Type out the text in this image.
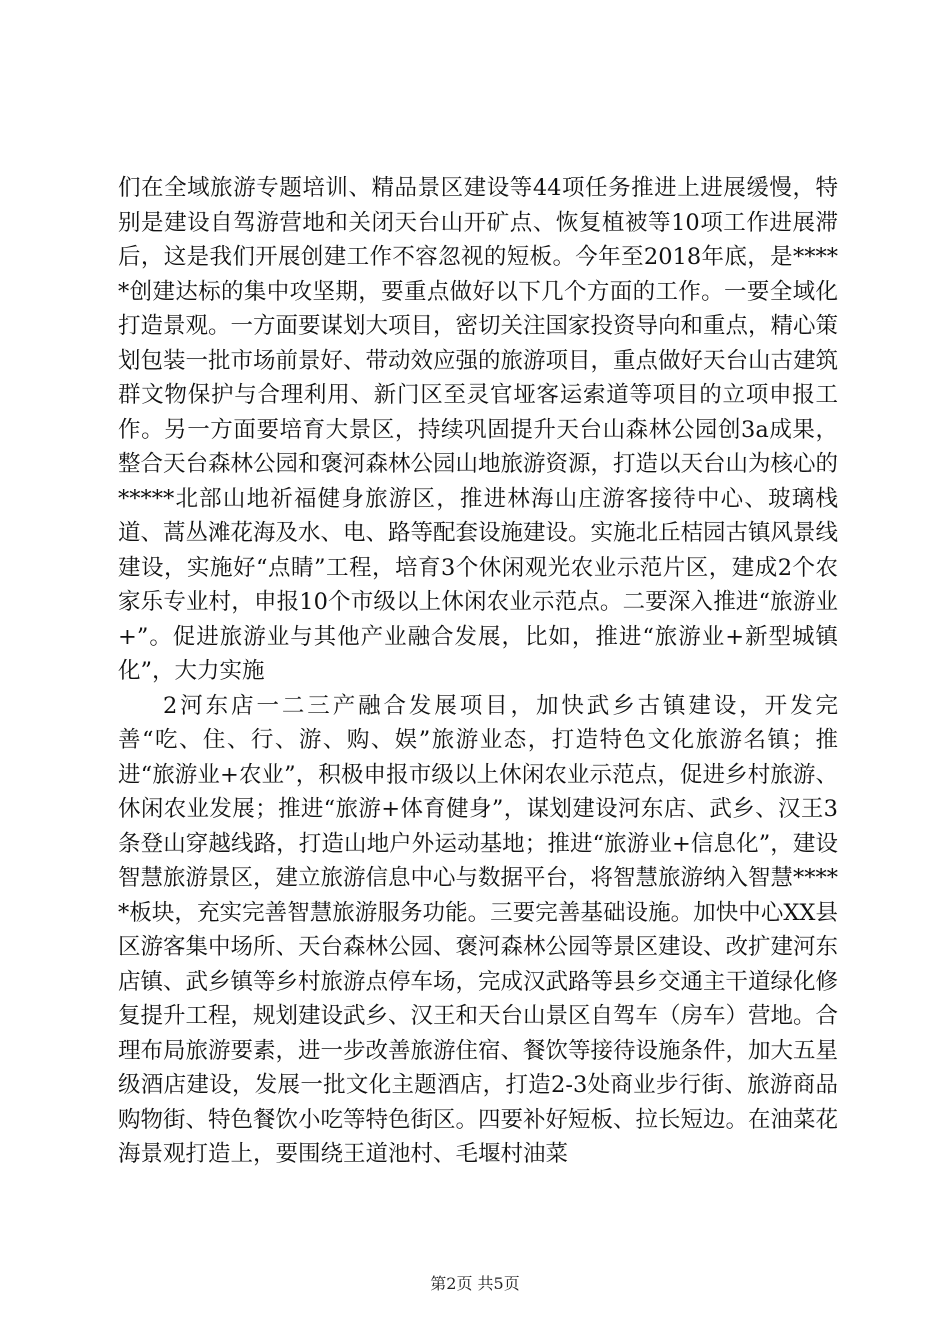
们在全域旅游专题培训、精品景区建设等44项任务推进上进展缓慢，特别是建设自驾游营地和关闭天台山开矿点、恢复植被等10项工作进展滞后，这是我们开展创建工作不容忽视的短板。今年至2018年底，是*****创建达标的集中攻坚期，要重点做好以下几个方面的工作。一要全域化打造景观。一方面要谋划大项目，密切关注国家投资导向和重点，精心策划包装一批市场前景好、带动效应强的旅游项目，重点做好天台山古建筑群文物保护与合理利用、新门区至灵官垭客运索道等项目的立项申报工作。另一方面要培育大景区，持续巩固提升天台山森林公园创3a成果，整合天台森林公园和褒河森林公园山地旅游资源，打造以天台山为核心的*****北部山地祈福健身旅游区，推进林海山庄游客接待中心、玻璃栈道、蒿丛滩花海及水、电、路等配套设施建设。实施北丘桔园古镇风景线建设，实施好“点睛”工程，培育3个休闲观光农业示范片区，建成2个农家乐专业村，申报10个市级以上休闲农业示范点。二要深入推进“旅游业+”。促进旅游业与其他产业融合发展，比如，推进“旅游业+新型城镇化”，大力实施

2河东店一二三产融合发展项目，加快武乡古镇建设，开发完善“吃、住、行、游、购、娱”旅游业态，打造特色文化旅游名镇；推进“旅游业+农业”，积极申报市级以上休闲农业示范点，促进乡村旅游、休闲农业发展；推进“旅游+体育健身”，谋划建设河东店、武乡、汉王3条登山穿越线路，打造山地户外运动基地；推进“旅游业+信息化”，建设智慧旅游景区，建立旅游信息中心与数据平台，将智慧旅游纳入智慧*****板块，充实完善智慧旅游服务功能。三要完善基础设施。加快中心XX县区游客集中场所、天台森林公园、褒河森林公园等景区建设、改扩建河东店镇、武乡镇等乡村旅游点停车场，完成汉武路等县乡交通主干道绿化修复提升工程，规划建设武乡、汉王和天台山景区自驾车（房车）营地。合理布局旅游要素，进一步改善旅游住宿、餐饮等接待设施条件，加大五星级酒店建设，发展一批文化主题酒店，打造2-3处商业步行街、旅游商品购物街、特色餐饮小吃等特色街区。四要补好短板、拉长短边。在油菜花海景观打造上，要围绕王道池村、毛堰村油菜

第2页 共5页
